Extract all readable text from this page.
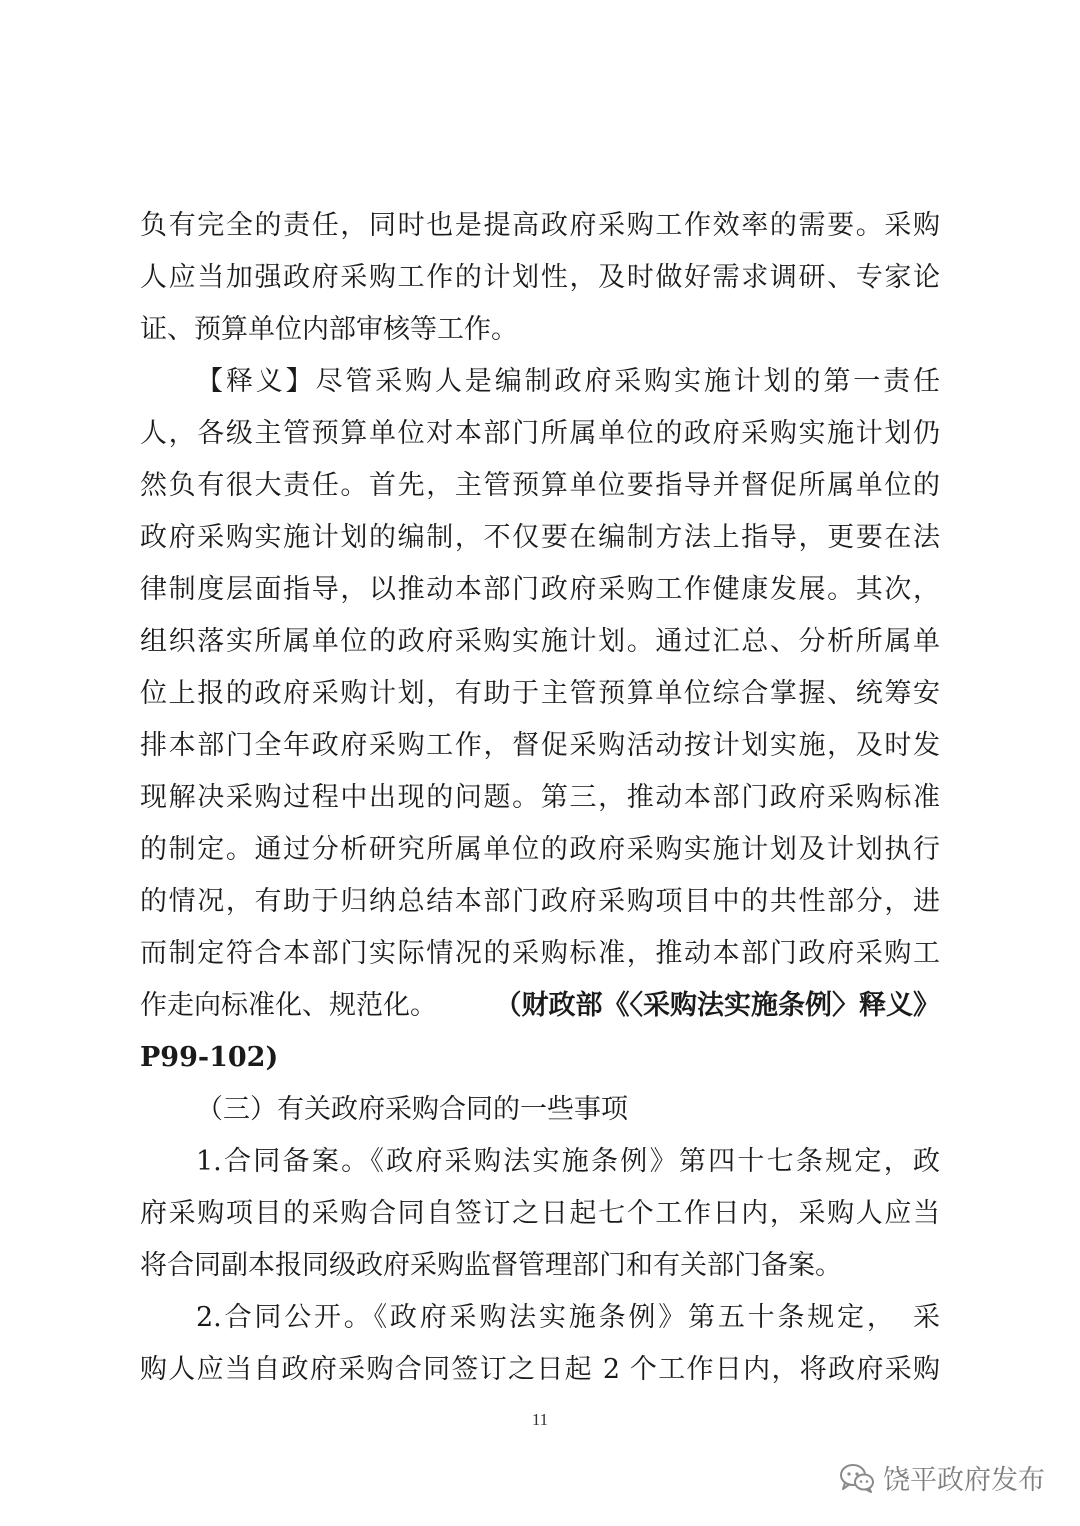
负有完全的责任，同时也是提高政府采购工作效率的需要。采购
人应当加强政府采购工作的计划性，及时做好需求调研、专家论
证、预算单位内部审核等工作。
【释义】尽管采购人是编制政府采购实施计划的第一责任
人，各级主管预算单位对本部门所属单位的政府采购实施计划仍
然负有很大责任。首先，主管预算单位要指导并督促所属单位的
政府采购实施计划的编制，不仅要在编制方法上指导，更要在法
律制度层面指导，以推动本部门政府采购工作健康发展。其次，
组织落实所属单位的政府采购实施计划。通过汇总、分析所属单
位上报的政府采购计划，有助于主管预算单位综合掌握、统筹安
排本部门全年政府采购工作，督促采购活动按计划实施，及时发
现解决采购过程中出现的问题。第三，推动本部门政府采购标准
的制定。通过分析研究所属单位的政府采购实施计划及计划执行
的情况，有助于归纳总结本部门政府采购项目中的共性部分，进
而制定符合本部门实际情况的采购标准，推动本部门政府采购工
作走向标准化、规范化。	（财政部《〈采购法实施条例〉释义》
P99-102)
（三）有关政府采购合同的一些事项
1.合同备案。《政府采购法实施条例》第四十七条规定，政
府采购项目的采购合同自签订之日起七个工作日内，采购人应当
将合同副本报同级政府采购监督管理部门和有关部门备案。
2.合同公开。《政府采购法实施条例》第五十条规定，　采
购人应当自政府采购合同签订之日起 2 个工作日内，将政府采购
11
饶平政府发布
